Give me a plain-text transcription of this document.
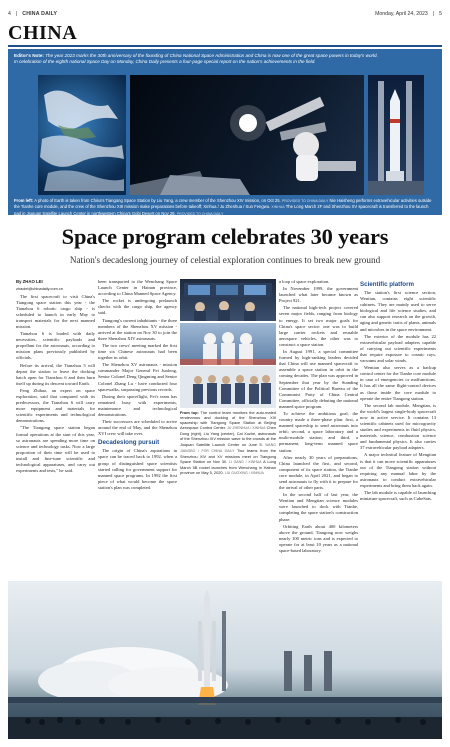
4 | CHINA DAILY	Monday, April 24, 2023 | 5
CHINA
Editor's Note: The year 2023 marks the 30th anniversary of the founding of China National Space Administration and China is now one of the great space powers in today's world.
In celebration of the eighth national Space Day on Monday, China Daily presents a four-page special report on the nation's achievements in the field.
From left: A photo of Earth is taken from China's Tiangong Space Station by Liu Yang, a crew member of the Shenzhou XIV mission, on Oct 25. PROVIDED TO CHINA DAILY Nie Haisheng performs extravehicular activities outside the Tianhe core module, and the crew of the Shenzhou XIII mission make preparations before takeoff; Xinhua / Ju Zhenhua / Sun Fengwu. XINHUA The Long March 2F and Shenzhou XV spacecraft is transferred to the launch pad in Jiuquan Satellite Launch Center in northwestern China's Gobi Desert on Nov 29. PROVIDED TO CHINA DAILY
Space program celebrates 30 years
Nation's decadeslong journey of celestial exploration continues to break new ground

By ZHAO LEI

zhaolei@chinadaily.com.cn

The first spacecraft to visit China's Tiangong space station this year - the Tianzhou 6 robotic cargo ship - is scheduled to launch in early May to transport materials for the next manned mission.

Tianzhou 6 is loaded with daily necessities, scientific payloads and propellant for the astronauts, according to mission plans previously published by officials.

Before its arrival, the Tianzhou 5 will depart the station to leave the docking hatch open for Tianzhou 6 and then burn itself up during its descent toward Earth.

Feng Zhihao, an expert on space exploration, said that compared with its predecessors, the Tianzhou 6 will carry more equipment and materials for scientific experiments and technological demonstrations.

"The Tiangong space station began formal operations at the start of this year, so astronauts are spending more time on science and technology tasks. Now a large proportion of their time will be used to install and fine-tune scientific and technological apparatuses, and carry out experiments and tests," he said.

been transported to the Wenchang Space Launch Center in Hainan province, according to China Manned Space Agency.

The rocket is undergoing prelaunch checks with the cargo ship, the agency said.

Tiangong's current inhabitants - the three members of the Shenzhou XV mission - arrived at the station on Nov 30 to join the three Shenzhou XIV astronauts.

The two crews' meeting marked the first time six Chinese astronauts had been together in orbit.

The Shenzhou XV astronauts - mission commander Major General Fei Junlong, Senior Colonel Deng Qingming and Senior Colonel Zhang Lu - have conducted four spacewalks, surpassing previous records.

During their spaceflight, Fei's team has remained busy with experiments, maintenance and technological demonstrations.

Their successors are scheduled to arrive around the end of May, and the Shenzhou XVI crew will take over.

Decadeslong pursuit

The origin of China's aspirations in space can be traced back to 1992, when a group of distinguished space scientists started calling for government support for manned space programs. In 1992 the first piece of what would become the space station's plan was completed.

From top: The control team monitors the auto-mated rendezvous and docking of the Shenzhou XIII spaceship with Tiangong Space Station at Beijing Aerospace Control Center. JU ZHENHUA / XINHUA Chen Dong (right), Liu Yang (center), Cai Xuzhe, astronauts of the Shenzhou XIV mission wave to the crowds at the Jiuquan Satellite Launch Center on June 5. WANG JIANGBO / FOR CHINA DAILY Two teams from the Shenzhou XIV and XV missions meet on Tiangong Space Station on Nov 30. LI GANG / XINHUA A Long March 5B rocket launches from Wenchang in Hainan province on May 5, 2020. LIU GUOXING / XINHUA

a loop of space exploration.

In November 1999, the government launched what later became known as Project 921.

The national high-tech project covered seven major fields, ranging from biology to energy. It set two major goals for China's space sector: one was to build large carrier rockets and reusable aerospace vehicles, the other was to construct a space station.

In August 1991, a special committee formed by high-ranking leaders decided that China will use manned spacecraft to assemble a space station in orbit in the coming decades. The plan was approved in September that year by the Standing Committee of the Political Bureau of the Communist Party of China Central Committee, officially debuting the national manned space program.

To achieve the ambitious goal, the country made a three-phase plan: first, a manned spaceship to send astronauts into orbit; second, a space laboratory and a multi-module station; and third, a permanent, long-term manned space station.

After nearly 30 years of preparations, China launched the first, and second, component of its space station, the Tianhe core module, in April 2021, and began to send astronauts to fly with it to prepare for the arrival of other parts.

In the second half of last year, the Wentian and Mengtian science modules were launched to dock with Tianhe, completing the space station's construction phase.

Orbiting Earth about 400 kilometers above the ground, Tiangong now weighs nearly 100 metric tons and is expected to operate for at least 10 years as a national space-based laboratory.

Scientific platform

The station's first science section, Wentian, contains eight scientific cabinets. They are mainly used to serve biological and life science studies, and can also support research on the growth, aging and genetic traits of plants, animals and microbes in the space environment.

The exterior of the module has 22 extravehicular payload adapters capable of carrying out scientific experiments that require exposure to cosmic rays, vacuums and solar winds.

Wentian also serves as a backup control center for the Tianhe core module in case of emergencies or malfunctions. It has all the same flight-control devices as those inside the core module to operate the entire Tiangong station.

The second lab module, Mengtian, is the world's largest single-body spacecraft now in active service. It contains 13 scientific cabinets used for microgravity studies and experiments in fluid physics, materials science, combustion science and fundamental physics. It also carries 37 extravehicular payload adapters.

A major technical feature of Mengtian is that it can move scientific apparatuses out of the Tiangong station without requiring any manual labor by the astronauts to conduct extravehicular experiments and bring them back again.

The lab module is capable of launching miniature spacecraft, such as CubeSats.
